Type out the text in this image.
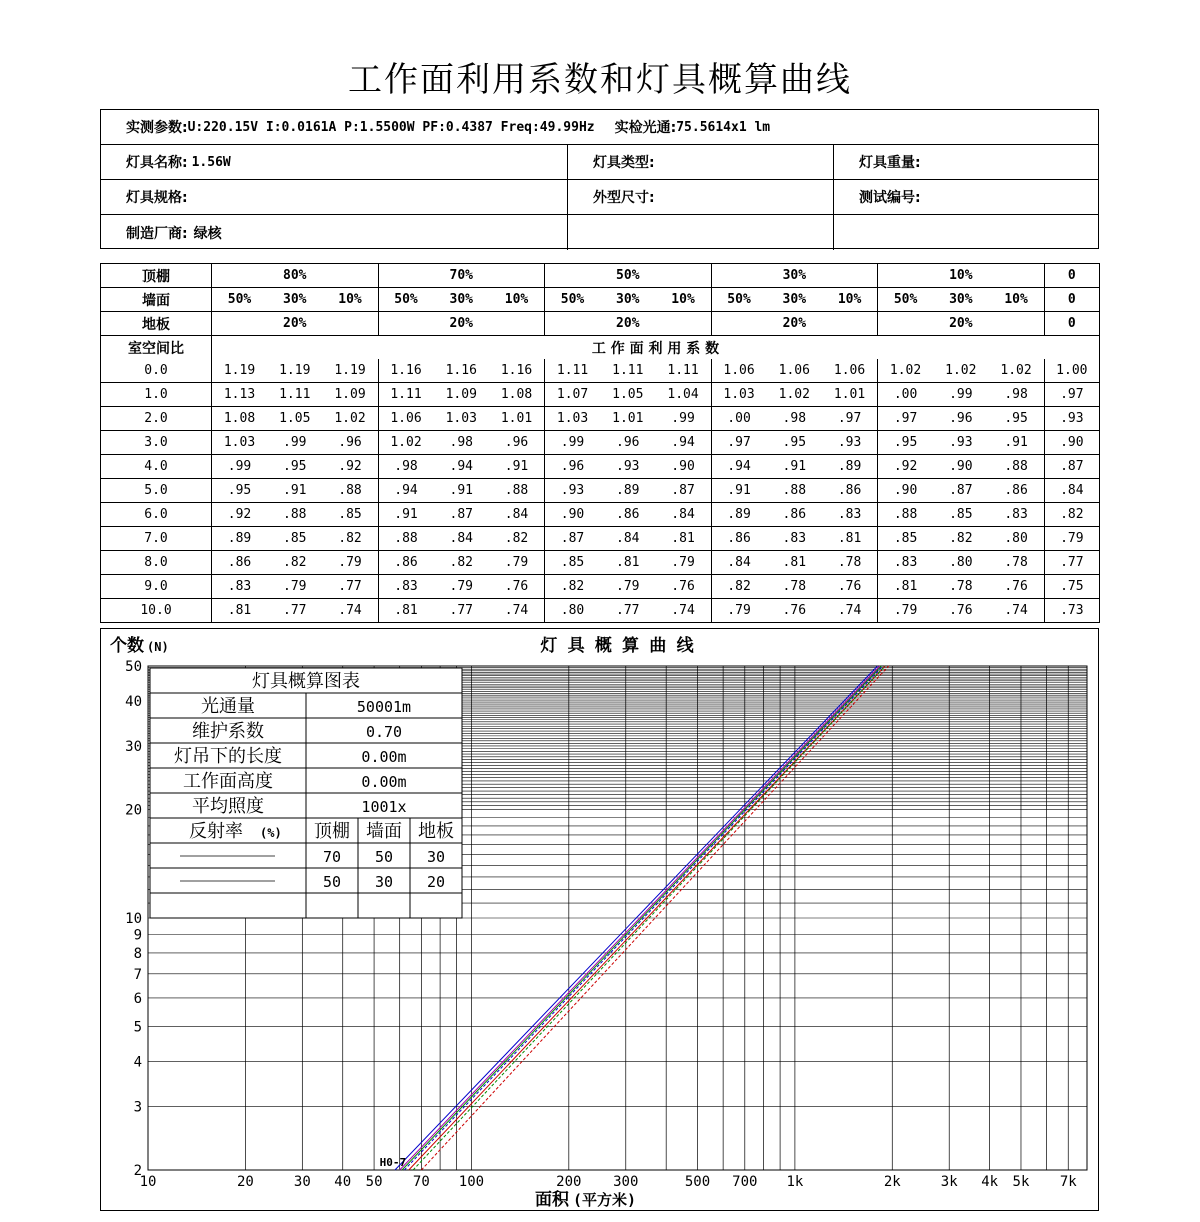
工作面利用系数和灯具概算曲线
实测参数: U:220.15V I:0.0161A P:1.5500W PF:0.4387 Freq:49.99Hz 实检光通: 75.5614x1 lm
灯具名称: 1.56W	灯具类型:	灯具重量:
灯具规格:	外型尺寸:	测试编号:
制造厂商: 绿核
顶棚	80%			70%			50%			30%			10%			0
墙面	50%	30%	10%	50%	30%	10%	50%	30%	10%	50%	30%	10%	50%	30%	10%	0
地板	20%			20%			20%			20%			20%			0
室空间比	工 作 面 利 用 系 数															
0.0	1.19	1.19	1.19	1.16	1.16	1.16	1.11	1.11	1.11	1.06	1.06	1.06	1.02	1.02	1.02	1.00
1.0	1.13	1.11	1.09	1.11	1.09	1.08	1.07	1.05	1.04	1.03	1.02	1.01	.00	.99	.98	.97
2.0	1.08	1.05	1.02	1.06	1.03	1.01	1.03	1.01	.99	.00	.98	.97	.97	.96	.95	.93
3.0	1.03	.99	.96	1.02	.98	.96	.99	.96	.94	.97	.95	.93	.95	.93	.91	.90
4.0	.99	.95	.92	.98	.94	.91	.96	.93	.90	.94	.91	.89	.92	.90	.88	.87
5.0	.95	.91	.88	.94	.91	.88	.93	.89	.87	.91	.88	.86	.90	.87	.86	.84
6.0	.92	.88	.85	.91	.87	.84	.90	.86	.84	.89	.86	.83	.88	.85	.83	.82
7.0	.89	.85	.82	.88	.84	.82	.87	.84	.81	.86	.83	.81	.85	.82	.80	.79
8.0	.86	.82	.79	.86	.82	.79	.85	.81	.79	.84	.81	.78	.83	.80	.78	.77
9.0	.83	.79	.77	.83	.79	.76	.82	.79	.76	.82	.78	.76	.81	.78	.76	.75
10.0	.81	.77	.74	.81	.77	.74	.80	.77	.74	.79	.76	.74	.79	.76	.74	.73
H0-7
10	20	30 40 50 70 100	200 300	500 700 1k	2k	3k 4k 5k 7k
2
3
4
5
6
7
8
9
10
20
30
40
50
灯 具 概 算 曲 线
个数 (N)
面积 (平方米)
灯具概算图表
光通量	50001m
维护系数	0.70
灯吊下的长度	0.00m
工作面高度	0.00m
平均照度	1001x
反射率 (%) 顶棚 墙面 地板
70 50 30
50 30 20
